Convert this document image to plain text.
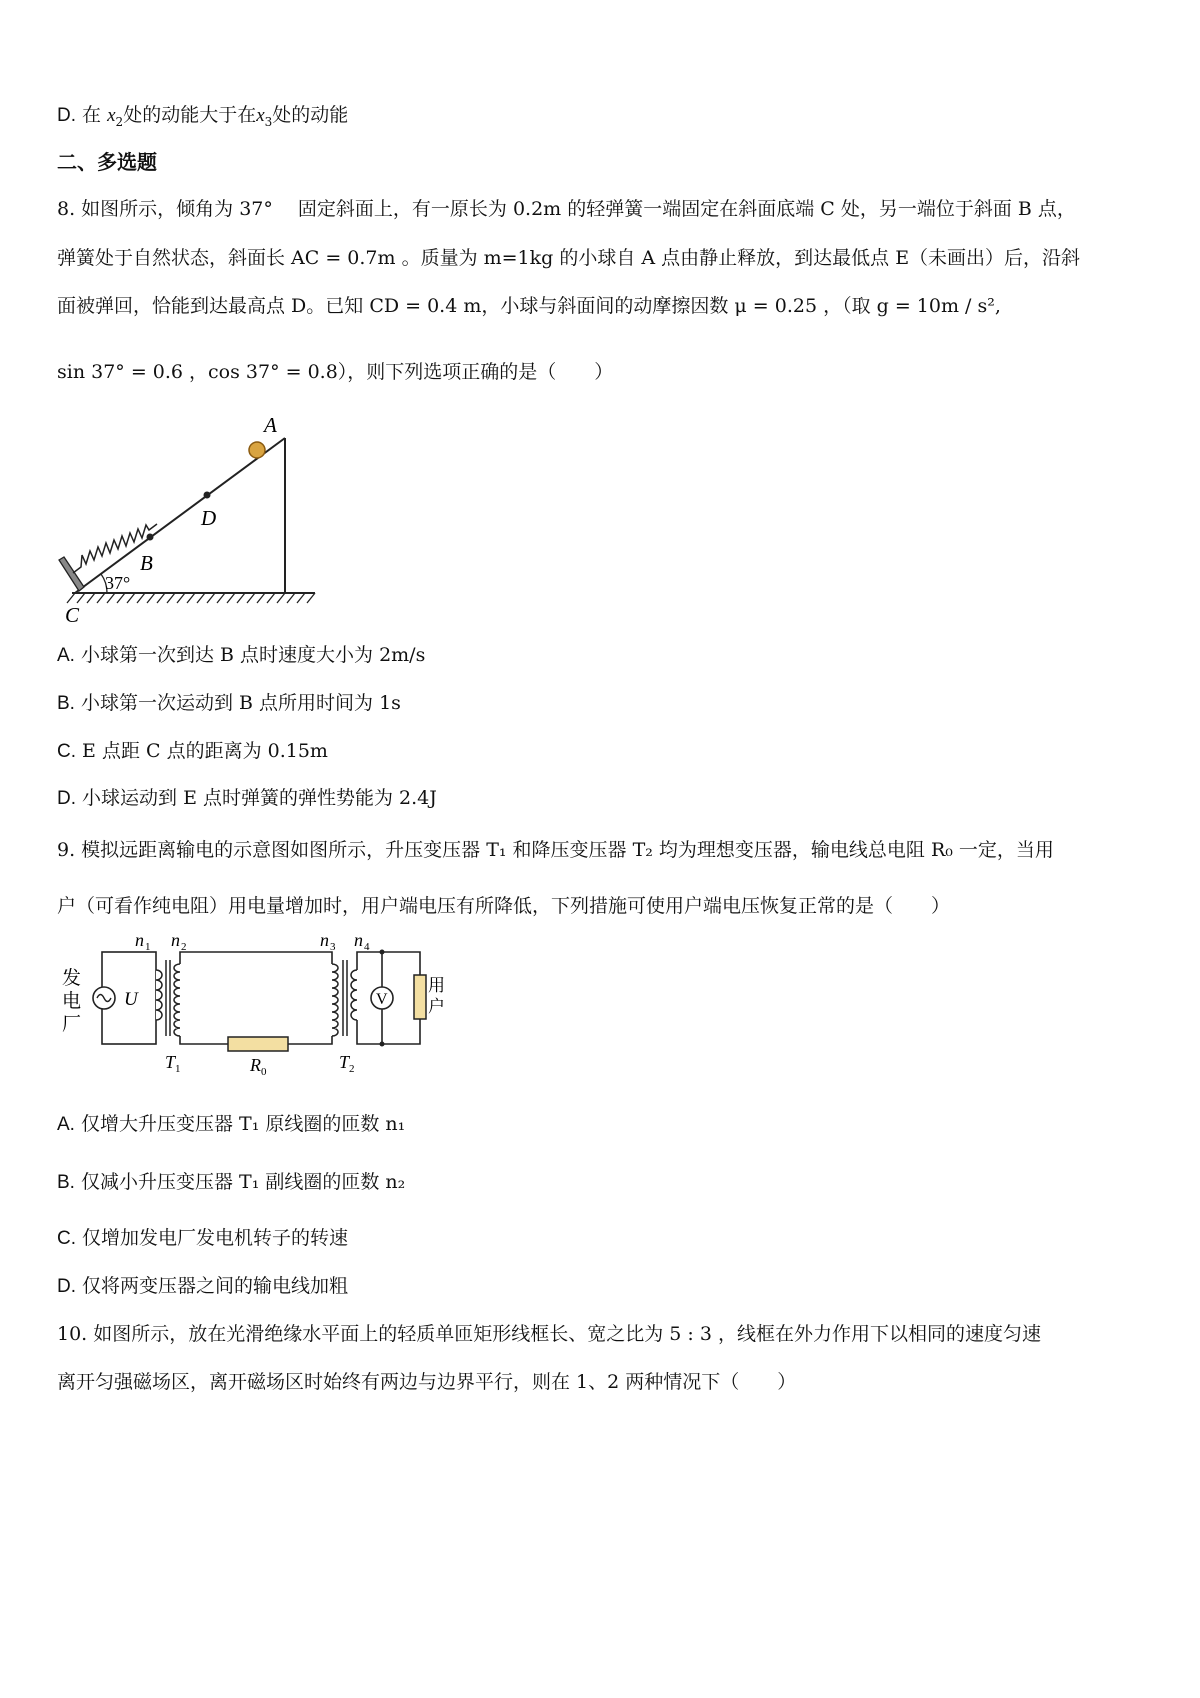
D. 在 $x_2$处的动能大于在$x_3$处的动能
二、多选题
8. 如图所示，倾角为 37°　 固定斜面上，有一原长为 0.2m 的轻弹簧一端固定在斜面底端 C 处，另一端位于斜面 B 点，
弹簧处于自然状态，斜面长 AC = 0.7m 。质量为 m=1kg 的小球自 A 点由静止释放，到达最低点 E（未画出）后，沿斜
面被弹回，恰能到达最高点 D。已知 CD = 0.4 m，小球与斜面间的动摩擦因数 μ = 0.25 ，（取 g = 10m / s²,
sin 37° = 0.6 ，cos 37° = 0.8），则下列选项正确的是（　　）
A
D
B
C
37°
A. 小球第一次到达 B 点时速度大小为 2m/s
B. 小球第一次运动到 B 点所用时间为 1s
C. E 点距 C 点的距离为 0.15m
D. 小球运动到 E 点时弹簧的弹性势能为 2.4J
9. 模拟远距离输电的示意图如图所示，升压变压器 T₁ 和降压变压器 T₂ 均为理想变压器，输电线总电阻 R₀ 一定，当用
户（可看作纯电阻）用电量增加时，用户端电压有所降低，下列措施可使用户端电压恢复正常的是（　　）
U	V
n 1 n 2	n 3 n 4
发
电
厂
用
户
T 1	R 0	T 2
A. 仅增大升压变压器 T₁ 原线圈的匝数 n₁
B. 仅减小升压变压器 T₁ 副线圈的匝数 n₂
C. 仅增加发电厂发电机转子的转速
D. 仅将两变压器之间的输电线加粗
10. 如图所示，放在光滑绝缘水平面上的轻质单匝矩形线框长、宽之比为 5 : 3 ，线框在外力作用下以相同的速度匀速
离开匀强磁场区，离开磁场区时始终有两边与边界平行，则在 1、2 两种情况下（　　）
